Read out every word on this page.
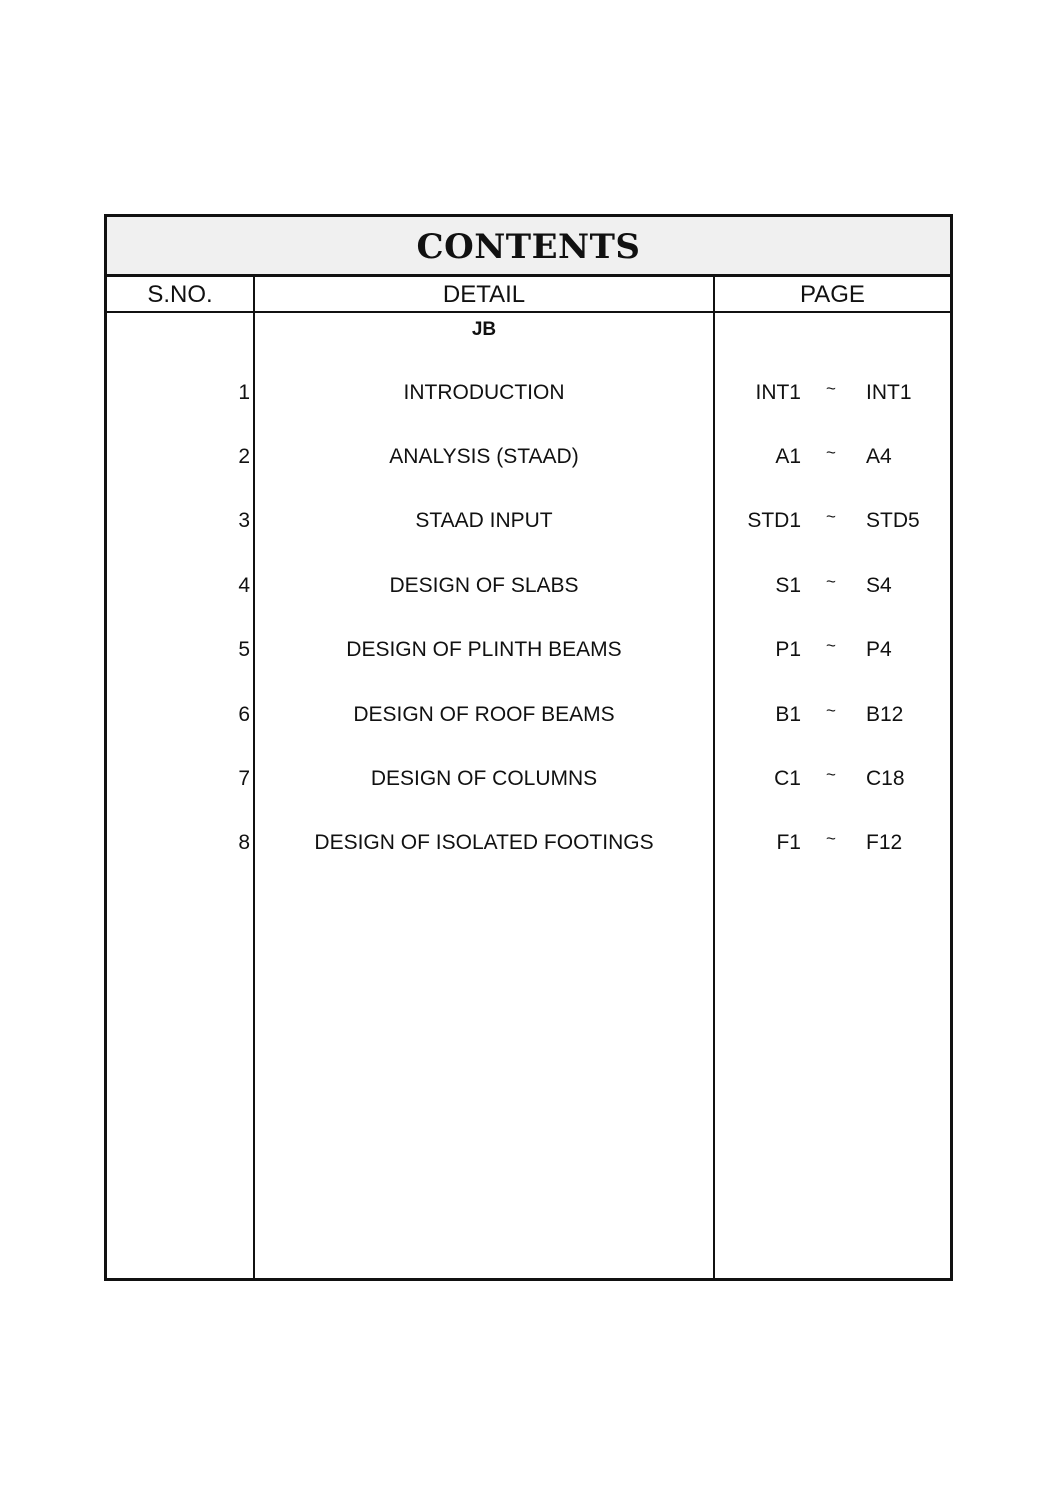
CONTENTS
S.NO.	DETAIL	PAGE
JB
1	INTRODUCTION	INT1 ~ INT1
2	ANALYSIS (STAAD)	A1 ~ A4
3	STAAD INPUT	STD1 ~ STD5
4	DESIGN OF SLABS	S1 ~ S4
5	DESIGN OF PLINTH BEAMS	P1 ~ P4
6	DESIGN OF ROOF BEAMS	B1 ~ B12
7	DESIGN OF COLUMNS	C1 ~ C18
8	DESIGN OF ISOLATED FOOTINGS	F1 ~ F12
